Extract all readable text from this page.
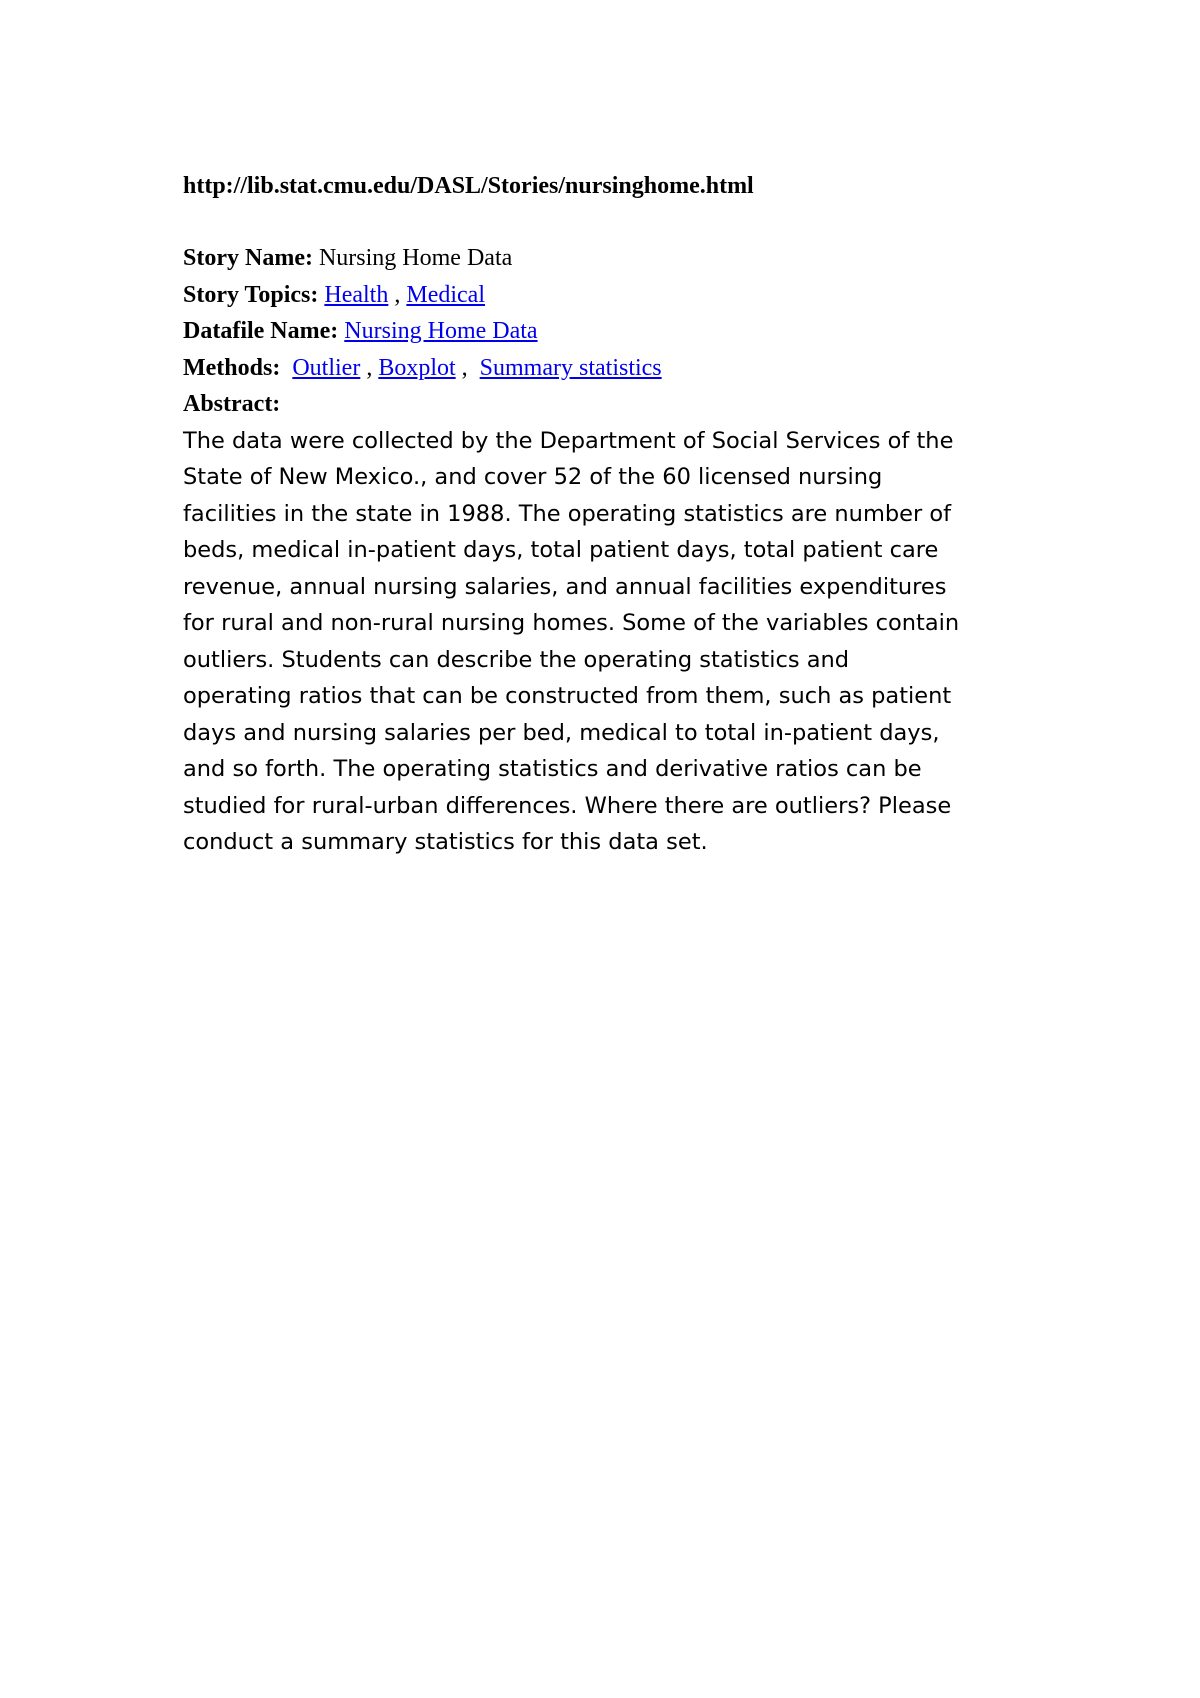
http://lib.stat.cmu.edu/DASL/Stories/nursinghome.html
Story Name: Nursing Home Data
Story Topics: Health , Medical
Datafile Name: Nursing Home Data
Methods: Outlier , Boxplot ,  Summary statistics
Abstract:
The data were collected by the Department of Social Services of the
State of New Mexico., and cover 52 of the 60 licensed nursing
facilities in the state in 1988. The operating statistics are number of
beds, medical in-patient days, total patient days, total patient care
revenue, annual nursing salaries, and annual facilities expenditures
for rural and non-rural nursing homes. Some of the variables contain
outliers. Students can describe the operating statistics and
operating ratios that can be constructed from them, such as patient
days and nursing salaries per bed, medical to total in-patient days,
and so forth. The operating statistics and derivative ratios can be
studied for rural-urban differences. Where there are outliers? Please
conduct a summary statistics for this data set.
